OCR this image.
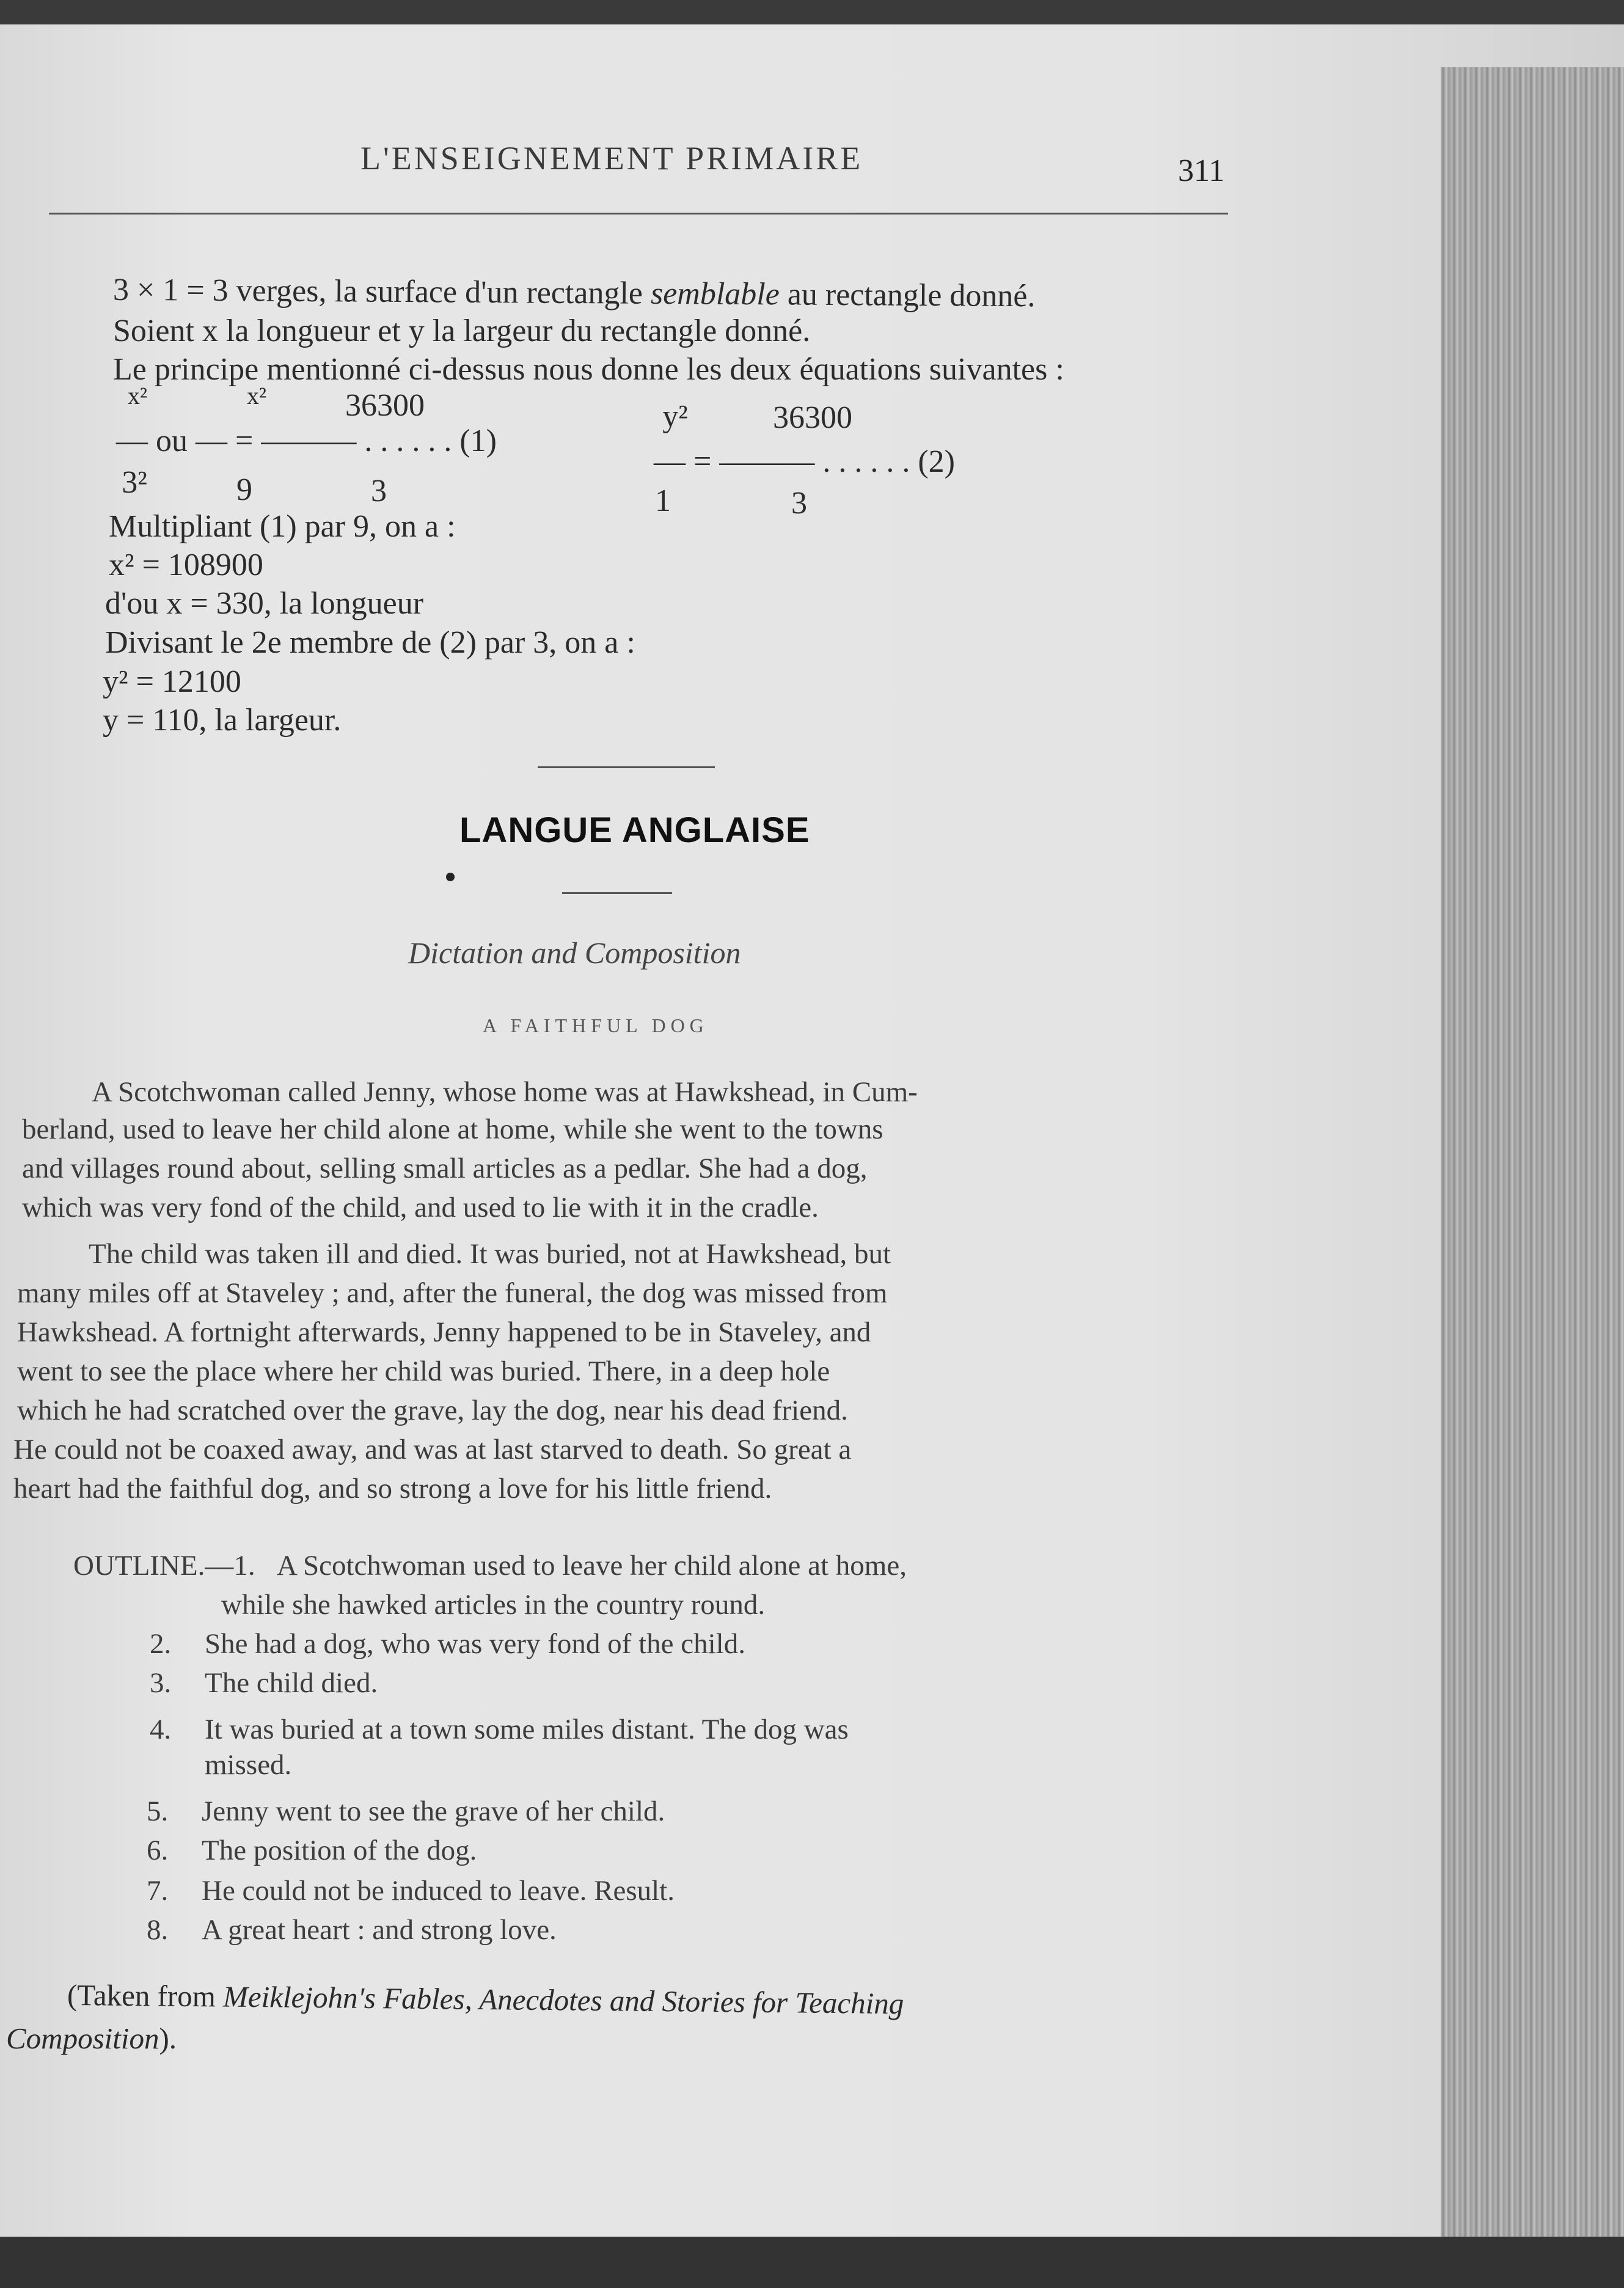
L'ENSEIGNEMENT PRIMAIRE	311
3 × 1 = 3 verges, la surface d'un rectangle semblable au rectangle donné.
Soient x la longueur et y la largeur du rectangle donné.
Le principe mentionné ci-dessus nous donne les deux équations suivantes :
x²	x²	36300
— ou — = ——— . . . . . . (1)
3²	9	3
y²	36300
— = ——— . . . . . . (2)
1	3
Multipliant (1) par 9, on a :
x² = 108900
d'ou x = 330, la longueur
Divisant le 2e membre de (2) par 3, on a :
y² = 12100
y = 110, la largeur.
LANGUE ANGLAISE
Dictation and Composition
A FAITHFUL DOG
A Scotchwoman called Jenny, whose home was at Hawkshead, in Cum-
berland, used to leave her child alone at home, while she went to the towns
and villages round about, selling small articles as a pedlar. She had a dog,
which was very fond of the child, and used to lie with it in the cradle.
The child was taken ill and died. It was buried, not at Hawkshead, but
many miles off at Staveley ; and, after the funeral, the dog was missed from
Hawkshead. A fortnight afterwards, Jenny happened to be in Staveley, and
went to see the place where her child was buried. There, in a deep hole
which he had scratched over the grave, lay the dog, near his dead friend.
He could not be coaxed away, and was at last starved to death. So great a
heart had the faithful dog, and so strong a love for his little friend.
OUTLINE.—1. A Scotchwoman used to leave her child alone at home,
while she hawked articles in the country round.
2. She had a dog, who was very fond of the child.
3. The child died.
4. It was buried at a town some miles distant. The dog was
missed.
5. Jenny went to see the grave of her child.
6. The position of the dog.
7. He could not be induced to leave. Result.
8. A great heart : and strong love.
(Taken from Meiklejohn's Fables, Anecdotes and Stories for Teaching
Composition).
